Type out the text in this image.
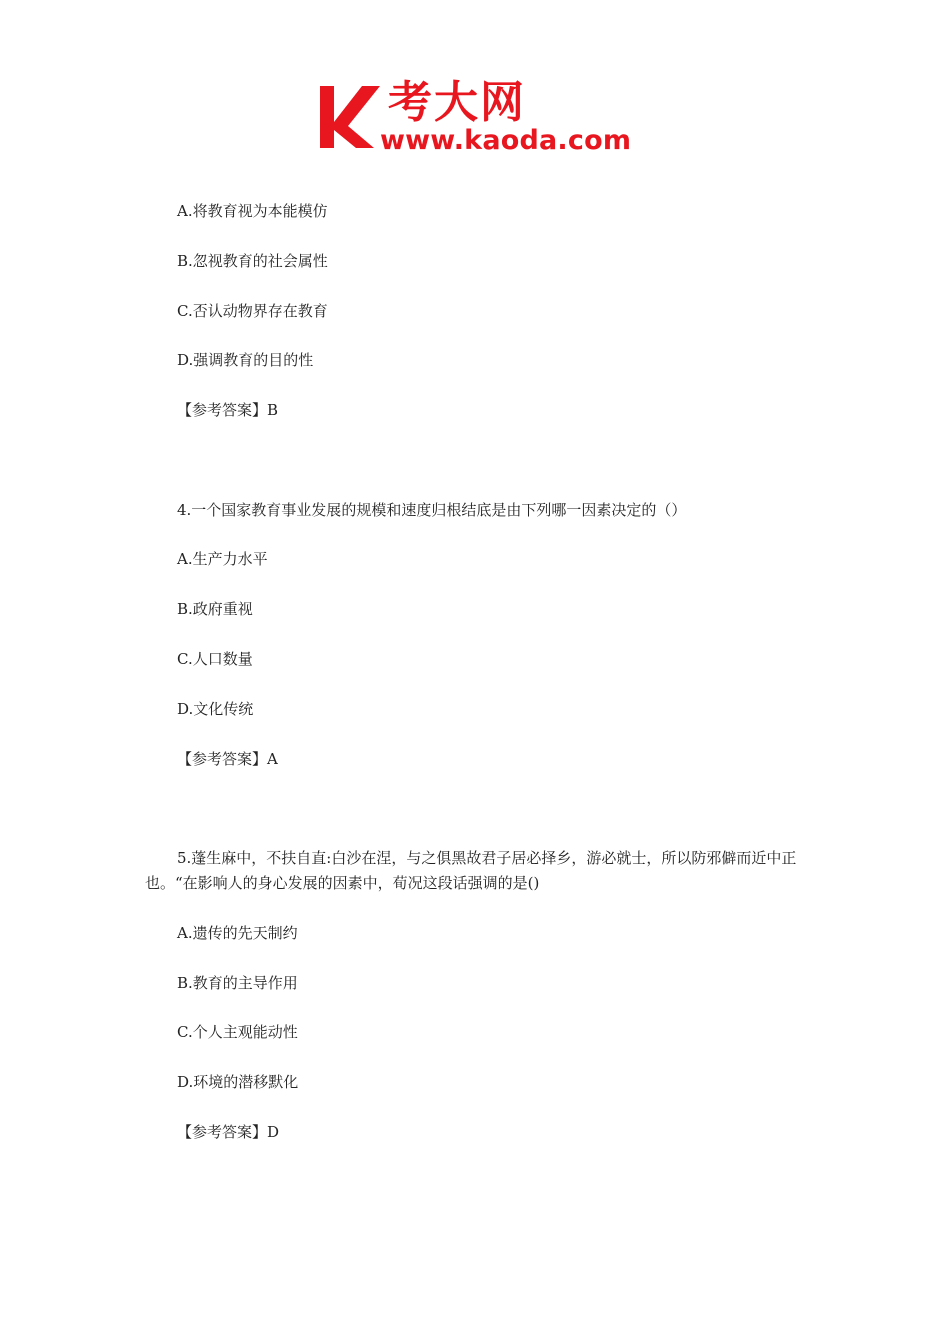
考大网
www.kaoda.com
A.将教育视为本能模仿
B.忽视教育的社会属性
C.否认动物界存在教育
D.强调教育的目的性
【参考答案】B
4.一个国家教育事业发展的规模和速度归根结底是由下列哪一因素决定的（）
A.生产力水平
B.政府重视
C.人口数量
D.文化传统
【参考答案】A
5.蓬生麻中，不扶自直:白沙在涅，与之俱黑故君子居必择乡，游必就士，所以防邪僻而近中正也。“在影响人的身心发展的因素中，荀况这段话强调的是()
A.遗传的先天制约
B.教育的主导作用
C.个人主观能动性
D.环境的潜移默化
【参考答案】D
